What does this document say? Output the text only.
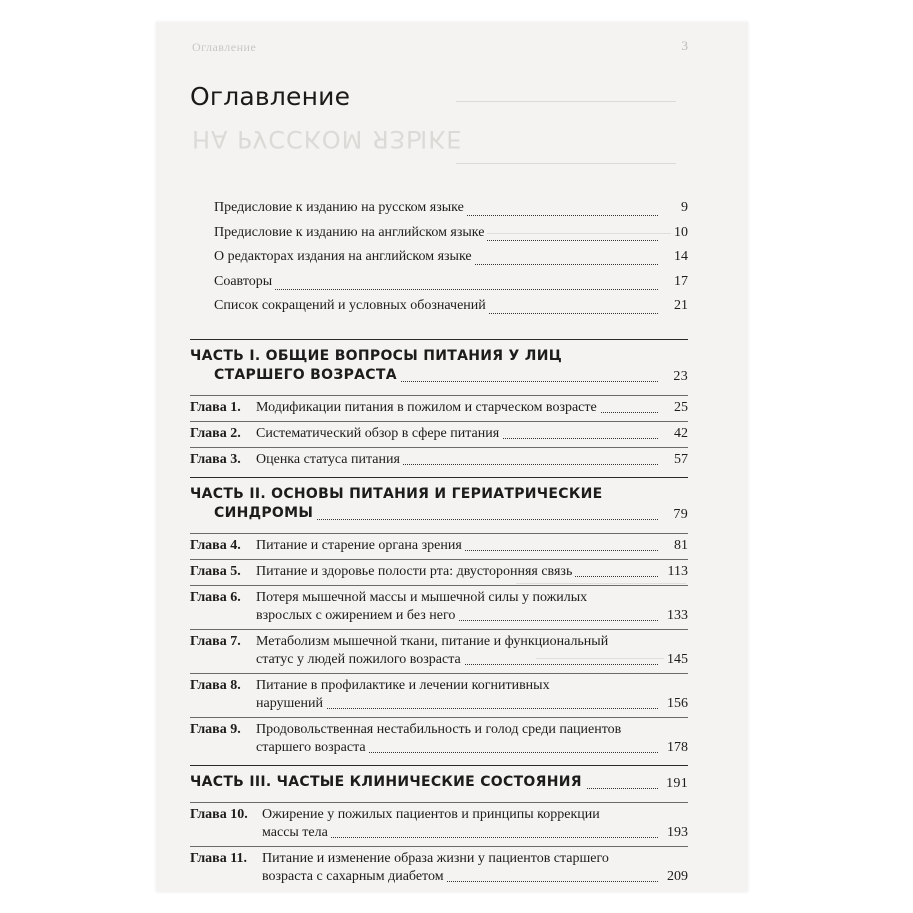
Оглавление	3
НА РУССКОМ ЯЗЫКЕ
Оглавление
Предисловие к изданию на русском языке	9
Предисловие к изданию на английском языке	10
О редакторах издания на английском языке	14
Соавторы	17
Список сокращений и условных обозначений	21
ЧАСТЬ I. ОБЩИЕ ВОПРОСЫ ПИТАНИЯ У ЛИЦ
СТАРШЕГО ВОЗРАСТА	23
Глава 1. Модификации питания в пожилом и старческом возрасте	25
Глава 2. Систематический обзор в сфере питания	42
Глава 3. Оценка статуса питания	57
ЧАСТЬ II. ОСНОВЫ ПИТАНИЯ И ГЕРИАТРИЧЕСКИЕ
СИНДРОМЫ	79
Глава 4. Питание и старение органа зрения	81
Глава 5. Питание и здоровье полости рта: двусторонняя связь	113
Глава 6. Потеря мышечной массы и мышечной силы у пожилых
взрослых с ожирением и без него	133
Глава 7. Метаболизм мышечной ткани, питание и функциональный
статус у людей пожилого возраста	145
Глава 8. Питание в профилактике и лечении когнитивных
нарушений	156
Глава 9. Продовольственная нестабильность и голод среди пациентов
старшего возраста	178
ЧАСТЬ III. ЧАСТЫЕ КЛИНИЧЕСКИЕ СОСТОЯНИЯ	191
Глава 10. Ожирение у пожилых пациентов и принципы коррекции
массы тела	193
Глава 11. Питание и изменение образа жизни у пациентов старшего
возраста с сахарным диабетом	209
